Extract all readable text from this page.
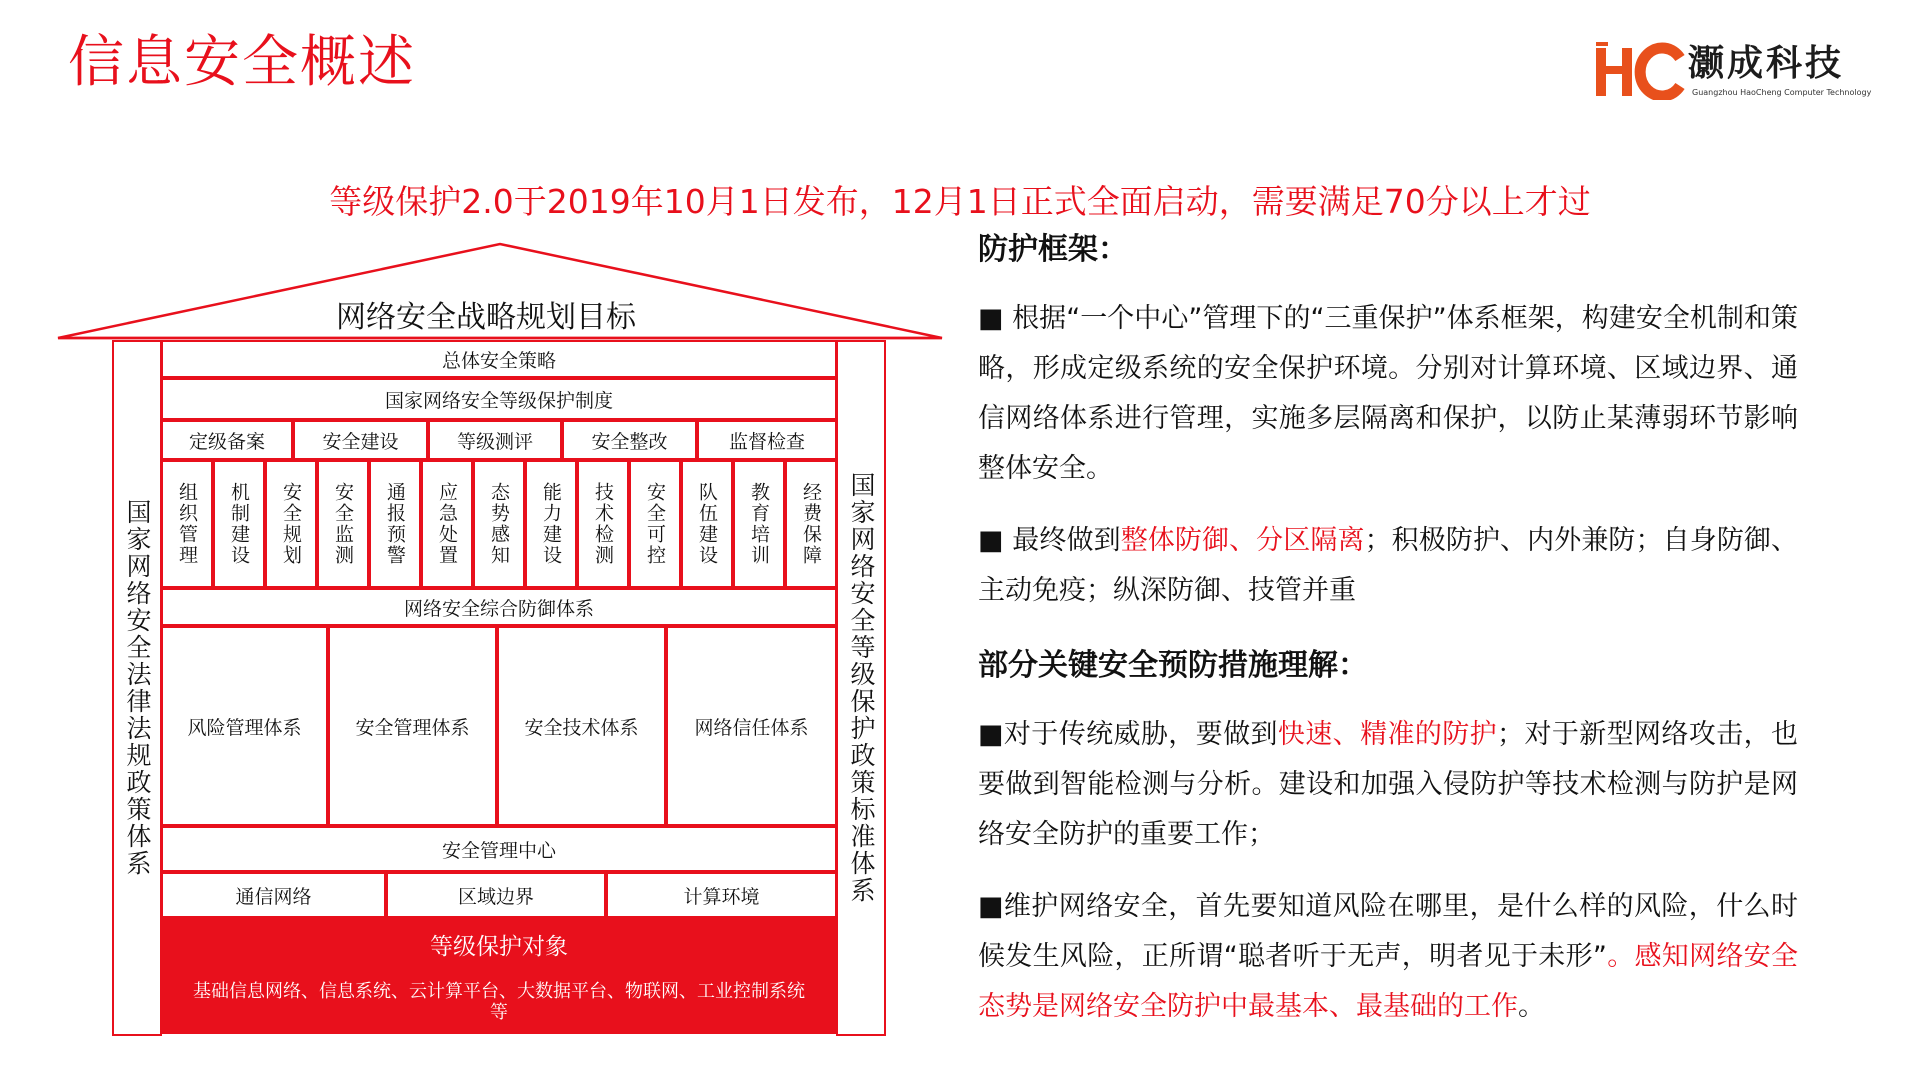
信息安全概述	灏成科技
Guangzhou HaoCheng Computer Technology
等级保护2.0于2019年10月1日发布，12月1日正式全面启动，需要满足70分以上才过
网络安全战略规划目标
国家网络安全法律法规政策体系	国家网络安全等级保护政策标准体系
总体安全策略
国家网络安全等级保护制度
定级备案	安全建设	等级测评	安全整改	监督检查
组织管理 机制建设 安全规划 安全监测 通报预警 应急处置 态势感知 能力建设 技术检测 安全可控 队伍建设 教育培训 经费保障
网络安全综合防御体系
风险管理体系	安全管理体系	安全技术体系	网络信任体系
安全管理中心
通信网络	区域边界	计算环境
等级保护对象
基础信息网络、信息系统、云计算平台、大数据平台、物联网、工业控制系统等
防护框架：
■ 根据“一个中心”管理下的“三重保护”体系框架，构建安全机制和策略，形成定级系统的安全保护环境。分别对计算环境、区域边界、通信网络体系进行管理，实施多层隔离和保护，以防止某薄弱环节影响整体安全。
■ 最终做到整体防御、分区隔离；积极防护、内外兼防；自身防御、主动免疫；纵深防御、技管并重
部分关键安全预防措施理解：
■对于传统威胁，要做到快速、精准的防护；对于新型网络攻击，也要做到智能检测与分析。建设和加强入侵防护等技术检测与防护是网络安全防护的重要工作；
■维护网络安全，首先要知道风险在哪里，是什么样的风险，什么时候发生风险，正所谓“聪者听于无声，明者见于未形”。感知网络安全态势是网络安全防护中最基本、最基础的工作。
